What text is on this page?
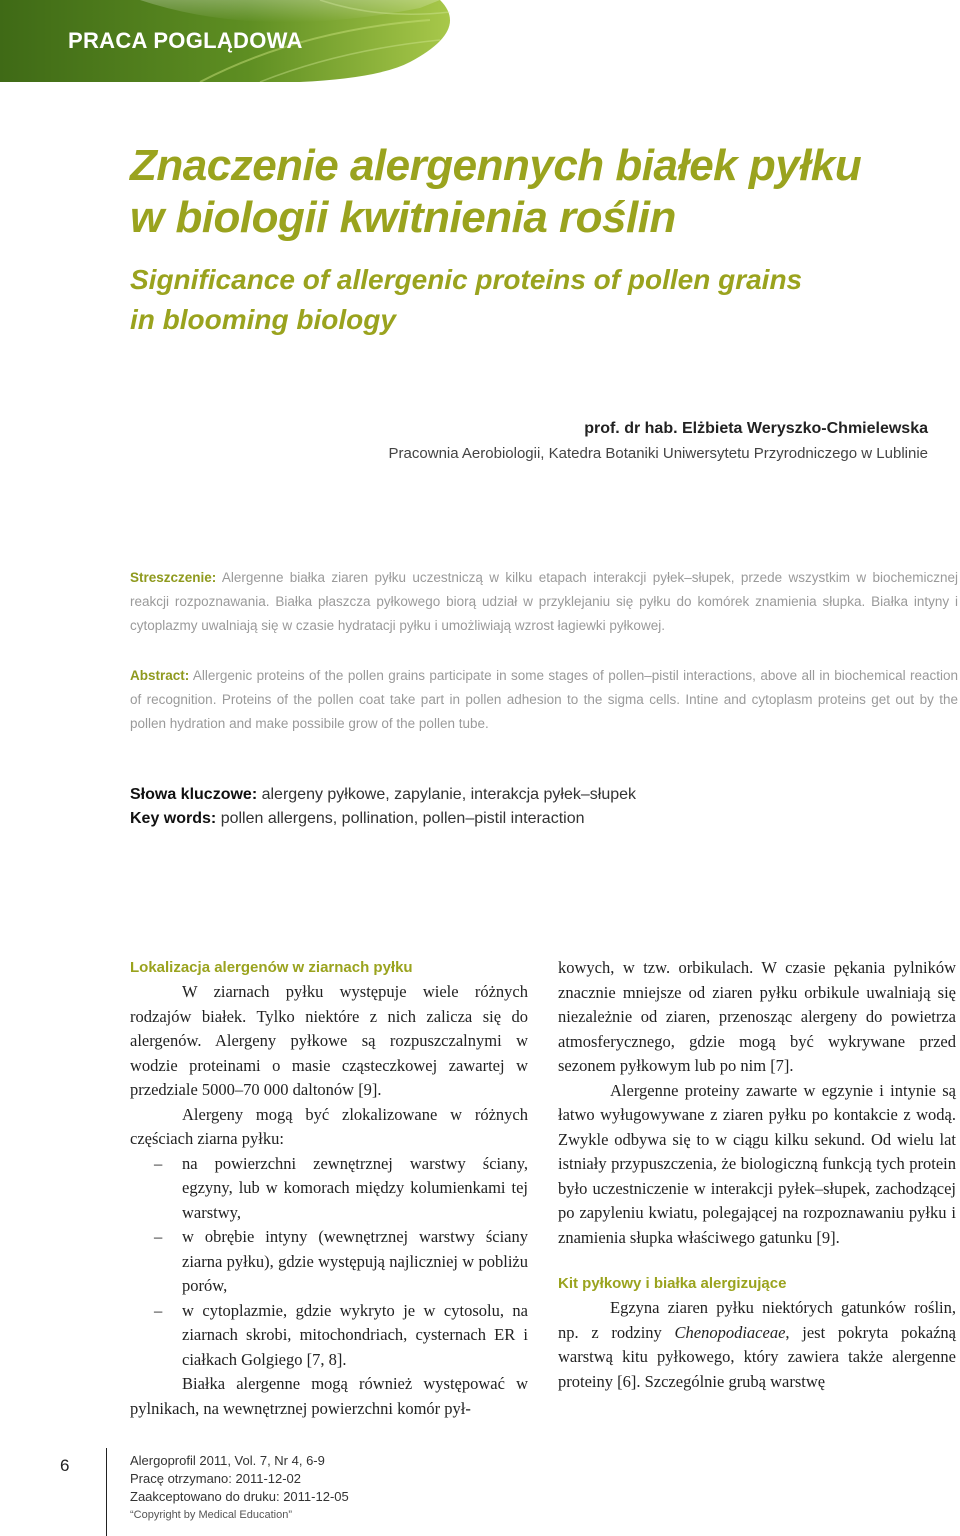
PRACA POGLĄDOWA
Znaczenie alergennych białek pyłku
w biologii kwitnienia roślin
Significance of allergenic proteins of pollen grains
in blooming biology
prof. dr hab. Elżbieta Weryszko-Chmielewska
Pracownia Aerobiologii, Katedra Botaniki Uniwersytetu Przyrodniczego w Lublinie
Streszczenie: Alergenne białka ziaren pyłku uczestniczą w kilku etapach interakcji pyłek–słupek, przede wszystkim w biochemicznej reakcji rozpoznawania. Białka płaszcza pyłkowego biorą udział w przyklejaniu się pyłku do komórek znamienia słupka. Białka intyny i cytoplazmy uwalniają się w czasie hydratacji pyłku i umożliwiają wzrost łagiewki pyłkowej.
Abstract: Allergenic proteins of the pollen grains participate in some stages of pollen–pistil interactions, above all in biochemical reaction of recognition. Proteins of the pollen coat take part in pollen adhesion to the sigma cells. Intine and cytoplasm proteins get out by the pollen hydration and make possibile grow of the pollen tube.
Słowa kluczowe: alergeny pyłkowe, zapylanie, interakcja pyłek–słupek
Key words: pollen allergens, pollination, pollen–pistil interaction
Lokalizacja alergenów w ziarnach pyłku

W ziarnach pyłku występuje wiele różnych rodzajów białek. Tylko niektóre z nich zalicza się do alergenów. Alergeny pyłkowe są rozpuszczalnymi w wodzie proteinami o masie cząsteczkowej zawartej w przedziale 5000–70 000 daltonów [9].

Alergeny mogą być zlokalizowane w różnych częściach ziarna pyłku:

– na powierzchni zewnętrznej warstwy ściany, egzyny, lub w komorach między kolumienkami tej warstwy,
– w obrębie intyny (wewnętrznej warstwy ściany ziarna pyłku), gdzie występują najliczniej w pobliżu porów,
– w cytoplazmie, gdzie wykryto je w cytosolu, na ziarnach skrobi, mitochondriach, cysternach ER i ciałkach Golgiego [7, 8].

Białka alergenne mogą również występować w pylnikach, na wewnętrznej powierzchni komór pył-

kowych, w tzw. orbikulach. W czasie pękania pylników znacznie mniejsze od ziaren pyłku orbikule uwalniają się niezależnie od ziaren, przenosząc alergeny do powietrza atmosferycznego, gdzie mogą być wykrywane przed sezonem pyłkowym lub po nim [7].

Alergenne proteiny zawarte w egzynie i intynie są łatwo wyługowywane z ziaren pyłku po kontakcie z wodą. Zwykle odbywa się to w ciągu kilku sekund. Od wielu lat istniały przypuszczenia, że biologiczną funkcją tych protein było uczestniczenie w interakcji pyłek–słupek, zachodzącej po zapyleniu kwiatu, polegającej na rozpoznawaniu pyłku i znamienia słupka właściwego gatunku [9].

Kit pyłkowy i białka alergizujące

Egzyna ziaren pyłku niektórych gatunków roślin, np. z rodziny Chenopodiaceae, jest pokryta pokaźną warstwą kitu pyłkowego, który zawiera także alergenne proteiny [6]. Szczególnie grubą warstwę

6	Alergoprofil 2011, Vol. 7, Nr 4, 6-9
Pracę otrzymano: 2011-12-02
Zaakceptowano do druku: 2011-12-05
“Copyright by Medical Education”
